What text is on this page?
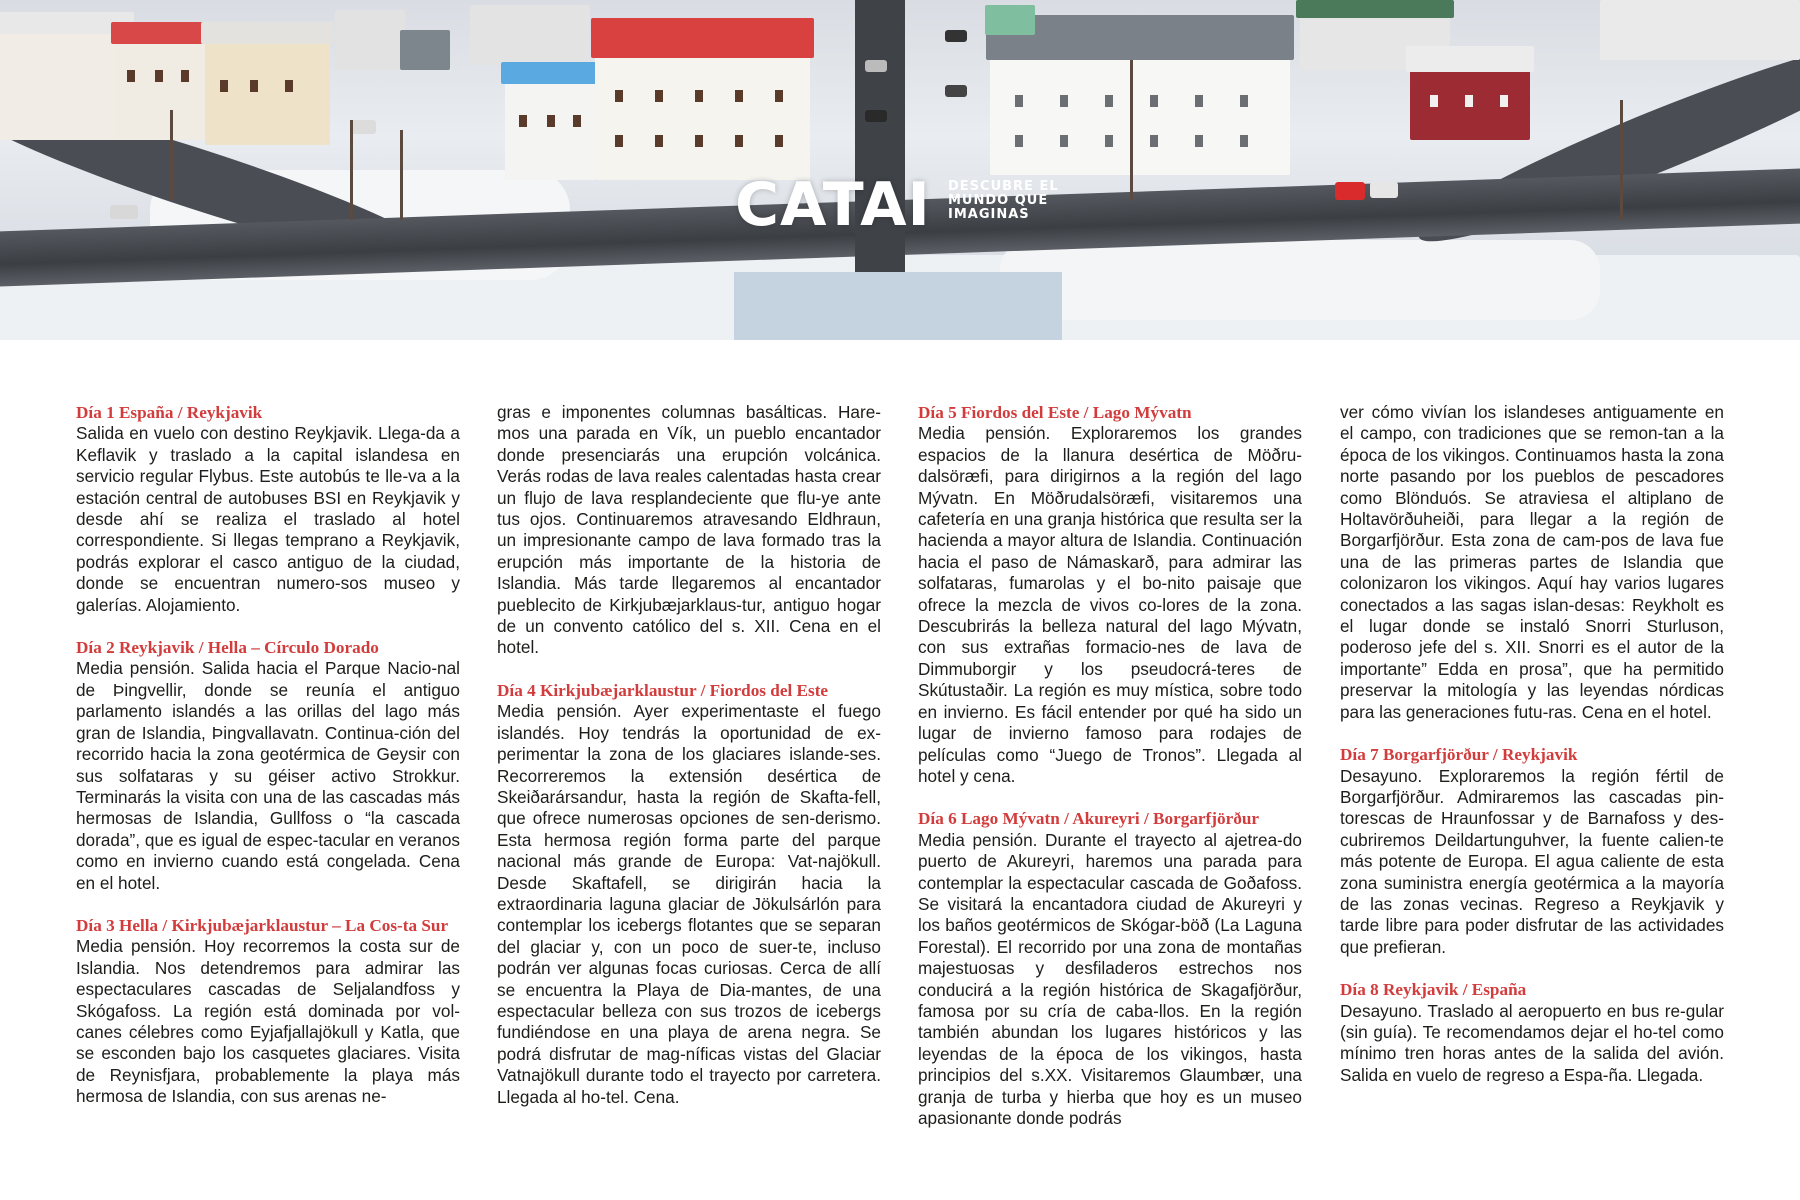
CATAI DESCUBRE EL
MUNDO QUE
IMAGINAS

Día 1 España / Reykjavik
Salida en vuelo con destino Reykjavik. Llega-da a Keflavik y traslado a la capital islandesa en servicio regular Flybus. Este autobús te lle-va a la estación central de autobuses BSI en Reykjavik y desde ahí se realiza el traslado al hotel correspondiente. Si llegas temprano a Reykjavik, podrás explorar el casco antiguo de la ciudad, donde se encuentran numero-sos museo y galerías. Alojamiento.

Día 2 Reykjavik / Hella – Círculo Dorado
Media pensión. Salida hacia el Parque Nacio-nal de Þingvellir, donde se reunía el antiguo parlamento islandés a las orillas del lago más gran de Islandia, Þingvallavatn. Continua-ción del recorrido hacia la zona geotérmica de Geysir con sus solfataras y su géiser activo Strokkur. Terminarás la visita con una de las cascadas más hermosas de Islandia, Gullfoss o “la cascada dorada”, que es igual de espec-tacular en veranos como en invierno cuando está congelada. Cena en el hotel.

Día 3 Hella / Kirkjubæjarklaustur – La Cos-ta Sur
Media pensión. Hoy recorremos la costa sur de Islandia. Nos detendremos para admirar las espectaculares cascadas de Seljalandfoss y Skógafoss. La región está dominada por vol-canes célebres como Eyjafjallajökull y Katla, que se esconden bajo los casquetes glaciares. Visita de Reynisfjara, probablemente la playa más hermosa de Islandia, con sus arenas ne-

gras e imponentes columnas basálticas. Hare-mos una parada en Vík, un pueblo encantador donde presenciarás una erupción volcánica. Verás rodas de lava reales calentadas hasta crear un flujo de lava resplandeciente que flu-ye ante tus ojos. Continuaremos atravesando Eldhraun, un impresionante campo de lava formado tras la erupción más importante de la historia de Islandia. Más tarde llegaremos al encantador pueblecito de Kirkjubæjarklaus-tur, antiguo hogar de un convento católico del s. XII. Cena en el hotel.

Día 4 Kirkjubæjarklaustur / Fiordos del Este
Media pensión. Ayer experimentaste el fuego islandés. Hoy tendrás la oportunidad de ex-perimentar la zona de los glaciares islande-ses. Recorreremos la extensión desértica de Skeiðarársandur, hasta la región de Skafta-fell, que ofrece numerosas opciones de sen-derismo. Esta hermosa región forma parte del parque nacional más grande de Europa: Vat-najökull. Desde Skaftafell, se dirigirán hacia la extraordinaria laguna glaciar de Jökulsárlón para contemplar los icebergs flotantes que se separan del glaciar y, con un poco de suer-te, incluso podrán ver algunas focas curiosas. Cerca de allí se encuentra la Playa de Dia-mantes, de una espectacular belleza con sus trozos de icebergs fundiéndose en una playa de arena negra. Se podrá disfrutar de mag-níficas vistas del Glaciar Vatnajökull durante todo el trayecto por carretera. Llegada al ho-tel. Cena.

Día 5 Fiordos del Este / Lago Mývatn
Media pensión. Exploraremos los grandes espacios de la llanura desértica de Möðru-dalsöræfi, para dirigirnos a la región del lago Mývatn. En Möðrudalsöræfi, visitaremos una cafetería en una granja histórica que resulta ser la hacienda a mayor altura de Islandia. Continuación hacia el paso de Námaskarð, para admirar las solfataras, fumarolas y el bo-nito paisaje que ofrece la mezcla de vivos co-lores de la zona. Descubrirás la belleza natural del lago Mývatn, con sus extrañas formacio-nes de lava de Dimmuborgir y los pseudocrá-teres de Skútustaðir. La región es muy mística, sobre todo en invierno. Es fácil entender por qué ha sido un lugar de invierno famoso para rodajes de películas como “Juego de Tronos”. Llegada al hotel y cena.

Día 6 Lago Mývatn / Akureyri / Borgarfjörður
Media pensión. Durante el trayecto al ajetrea-do puerto de Akureyri, haremos una parada para contemplar la espectacular cascada de Goðafoss. Se visitará la encantadora ciudad de Akureyri y los baños geotérmicos de Skógar-böð (La Laguna Forestal). El recorrido por una zona de montañas majestuosas y desfiladeros estrechos nos conducirá a la región histórica de Skagafjörður, famosa por su cría de caba-llos. En la región también abundan los lugares históricos y las leyendas de la época de los vikingos, hasta principios del s.XX. Visitaremos Glaumbær, una granja de turba y hierba que hoy es un museo apasionante donde podrás

ver cómo vivían los islandeses antiguamente en el campo, con tradiciones que se remon-tan a la época de los vikingos. Continuamos hasta la zona norte pasando por los pueblos de pescadores como Blönduós. Se atraviesa el altiplano de Holtavörðuheiði, para llegar a la región de Borgarfjörður. Esta zona de cam-pos de lava fue una de las primeras partes de Islandia que colonizaron los vikingos. Aquí hay varios lugares conectados a las sagas islan-desas: Reykholt es el lugar donde se instaló Snorri Sturluson, poderoso jefe del s. XII. Snorri es el autor de la importante” Edda en prosa”, que ha permitido preservar la mitología y las leyendas nórdicas para las generaciones futu-ras. Cena en el hotel.

Día 7 Borgarfjörður / Reykjavik
Desayuno. Exploraremos la región fértil de Borgarfjörður. Admiraremos las cascadas pin-torescas de Hraunfossar y de Barnafoss y des-cubriremos Deildartunguhver, la fuente calien-te más potente de Europa. El agua caliente de esta zona suministra energía geotérmica a la mayoría de las zonas vecinas. Regreso a Reykjavik y tarde libre para poder disfrutar de las actividades que prefieran.

Día 8 Reykjavik / España
Desayuno. Traslado al aeropuerto en bus re-gular (sin guía). Te recomendamos dejar el ho-tel como mínimo tren horas antes de la salida del avión. Salida en vuelo de regreso a Espa-ña. Llegada.
